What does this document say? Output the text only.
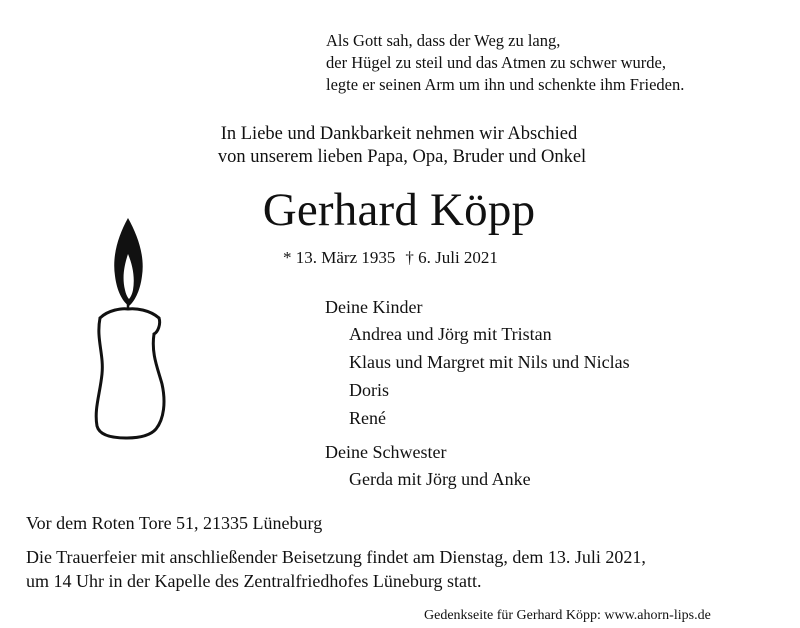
Als Gott sah, dass der Weg zu lang,
der Hügel zu steil und das Atmen zu schwer wurde,
legte er seinen Arm um ihn und schenkte ihm Frieden.
In Liebe und Dankbarkeit nehmen wir Abschied
von unserem lieben Papa, Opa, Bruder und Onkel
Gerhard Köpp
* 13. März 1935 † 6. Juli 2021
Deine Kinder
Andrea und Jörg mit Tristan
Klaus und Margret mit Nils und Niclas
Doris
René
Deine Schwester
Gerda mit Jörg und Anke
Vor dem Roten Tore 51, 21335 Lüneburg
Die Trauerfeier mit anschließender Beisetzung findet am Dienstag, dem 13. Juli 2021,
um 14 Uhr in der Kapelle des Zentralfriedhofes Lüneburg statt.
Gedenkseite für Gerhard Köpp: www.ahorn-lips.de
